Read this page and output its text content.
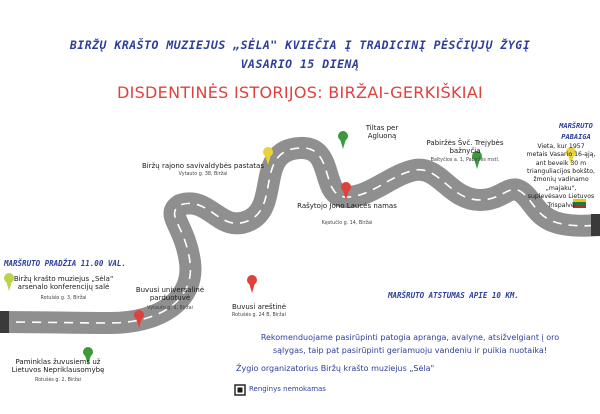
BIRŽŲ KRAŠTO MUZIEJUS „SĖLA" KVIEČIA Į TRADICINĮ PĖSČIŲJŲ ŽYGĮ
VASARIO 15 DIENĄ
DISDENTINĖS ISTORIJOS: BIRŽAI-GERKIŠKIAI
MARŠRUTO PRADŽIA 11.00 VAL.
Biržų krašto muziejus „Sėla" arsenalo konferencijų salė
Rotušės g. 3, Biržai
Paminklas žuvusiems už Lietuvos Nepriklausomybę
Rotušės g. 2, Biržai
Buvusi universalinė parduotuvė
Vytauto g. 9, Biržai	Buvusi areštinė
Rotušės g. 24 B, Biržai
Biržų rajono savivaldybės pastatas
Vytauto g. 38, Biržai
Tiltas per Agluoną
Rašytojo Jono Laucės namas
Kęstučio g. 14, Biržai
Pabiržės Švč. Trejybės bažnyčia
Baltyčios a. 1, Pabiržės mstl.
MARŠRUTO
PABAIGA
Vieta, kur 1957
metais Vasario 16-ąją,
ant beveik 30 m
trianguliacijos bokšto,
žmonių vadinamo
„majaku",
suplevėsavo Lietuvos
Trispalvė
MARŠRUTO ATSTUMAS APIE 10 KM.
Rekomenduojame pasirūpinti patogia apranga, avalyne, atsižvelgiant į oro
sąlygas, taip pat pasirūpinti geriamuoju vandeniu ir puikia nuotaika!
Žygio organizatorius Biržų krašto muziejus „Sėla"
Renginys nemokamas
